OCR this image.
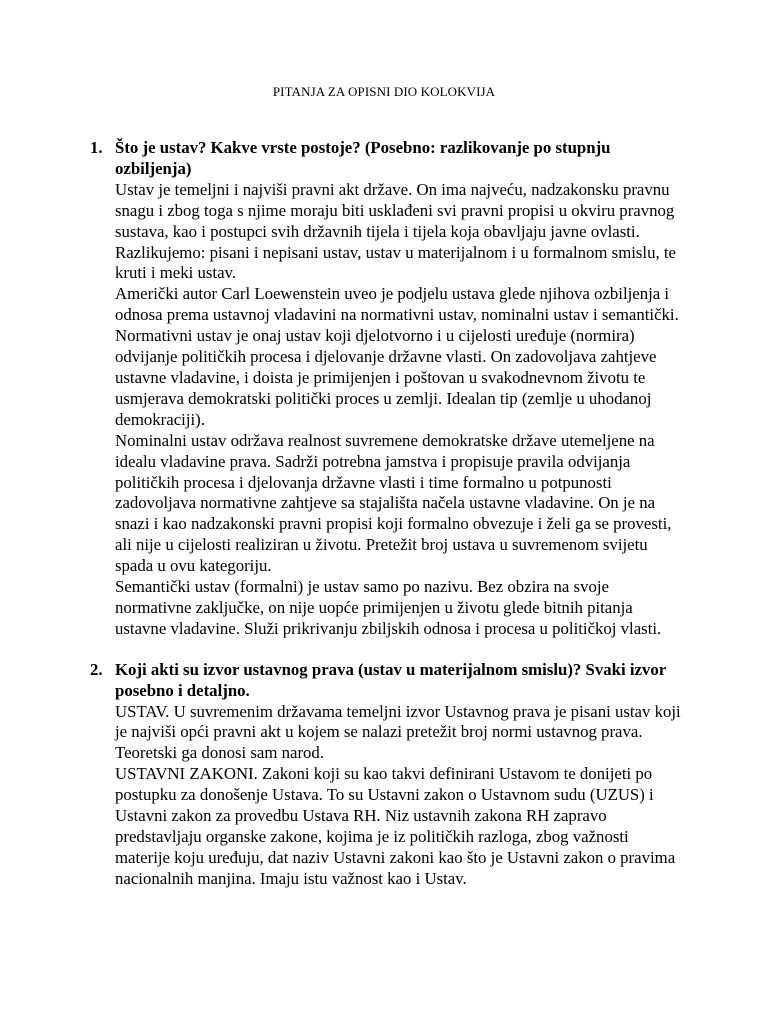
PITANJA ZA OPISNI DIO KOLOKVIJA
1. Što je ustav? Kakve vrste postoje? (Posebno: razlikovanje po stupnju ozbiljenja)

Ustav je temeljni i najviši pravni akt države. On ima najveću, nadzakonsku pravnu snagu i zbog toga s njime moraju biti usklađeni svi pravni propisi u okviru pravnog sustava, kao i postupci svih državnih tijela i tijela koja obavljaju javne ovlasti. Razlikujemo: pisani i nepisani ustav, ustav u materijalnom i u formalnom smislu, te kruti i meki ustav.

Američki autor Carl Loewenstein uveo je podjelu ustava glede njihova ozbiljenja i odnosa prema ustavnoj vladavini na normativni ustav, nominalni ustav i semantički.

Normativni ustav je onaj ustav koji djelotvorno i u cijelosti uređuje (normira) odvijanje političkih procesa i djelovanje državne vlasti. On zadovoljava zahtjeve ustavne vladavine, i doista je primijenjen i poštovan u svakodnevnom životu te usmjerava demokratski politički proces u zemlji. Idealan tip (zemlje u uhodanoj demokraciji).

Nominalni ustav održava realnost suvremene demokratske države utemeljene na idealu vladavine prava. Sadrži potrebna jamstva i propisuje pravila odvijanja političkih procesa i djelovanja državne vlasti i time formalno u potpunosti zadovoljava normativne zahtjeve sa stajališta načela ustavne vladavine. On je na snazi i kao nadzakonski pravni propisi koji formalno obvezuje i želi ga se provesti, ali nije u cijelosti realiziran u životu. Pretežit broj ustava u suvremenom svijetu spada u ovu kategoriju.

Semantički ustav (formalni) je ustav samo po nazivu. Bez obzira na svoje normativne zaključke, on nije uopće primijenjen u životu glede bitnih pitanja ustavne vladavine. Služi prikrivanju zbiljskih odnosa i procesa u političkoj vlasti.

2. Koji akti su izvor ustavnog prava (ustav u materijalnom smislu)? Svaki izvor posebno i detaljno.

USTAV. U suvremenim državama temeljni izvor Ustavnog prava je pisani ustav koji je najviši opći pravni akt u kojem se nalazi pretežit broj normi ustavnog prava. Teoretski ga donosi sam narod.

USTAVNI ZAKONI. Zakoni koji su kao takvi definirani Ustavom te donijeti po postupku za donošenje Ustava. To su Ustavni zakon o Ustavnom sudu (UZUS) i Ustavni zakon za provedbu Ustava RH. Niz ustavnih zakona RH zapravo predstavljaju organske zakone, kojima je iz političkih razloga, zbog važnosti materije koju uređuju, dat naziv Ustavni zakoni kao što je Ustavni zakon o pravima nacionalnih manjina. Imaju istu važnost kao i Ustav.
